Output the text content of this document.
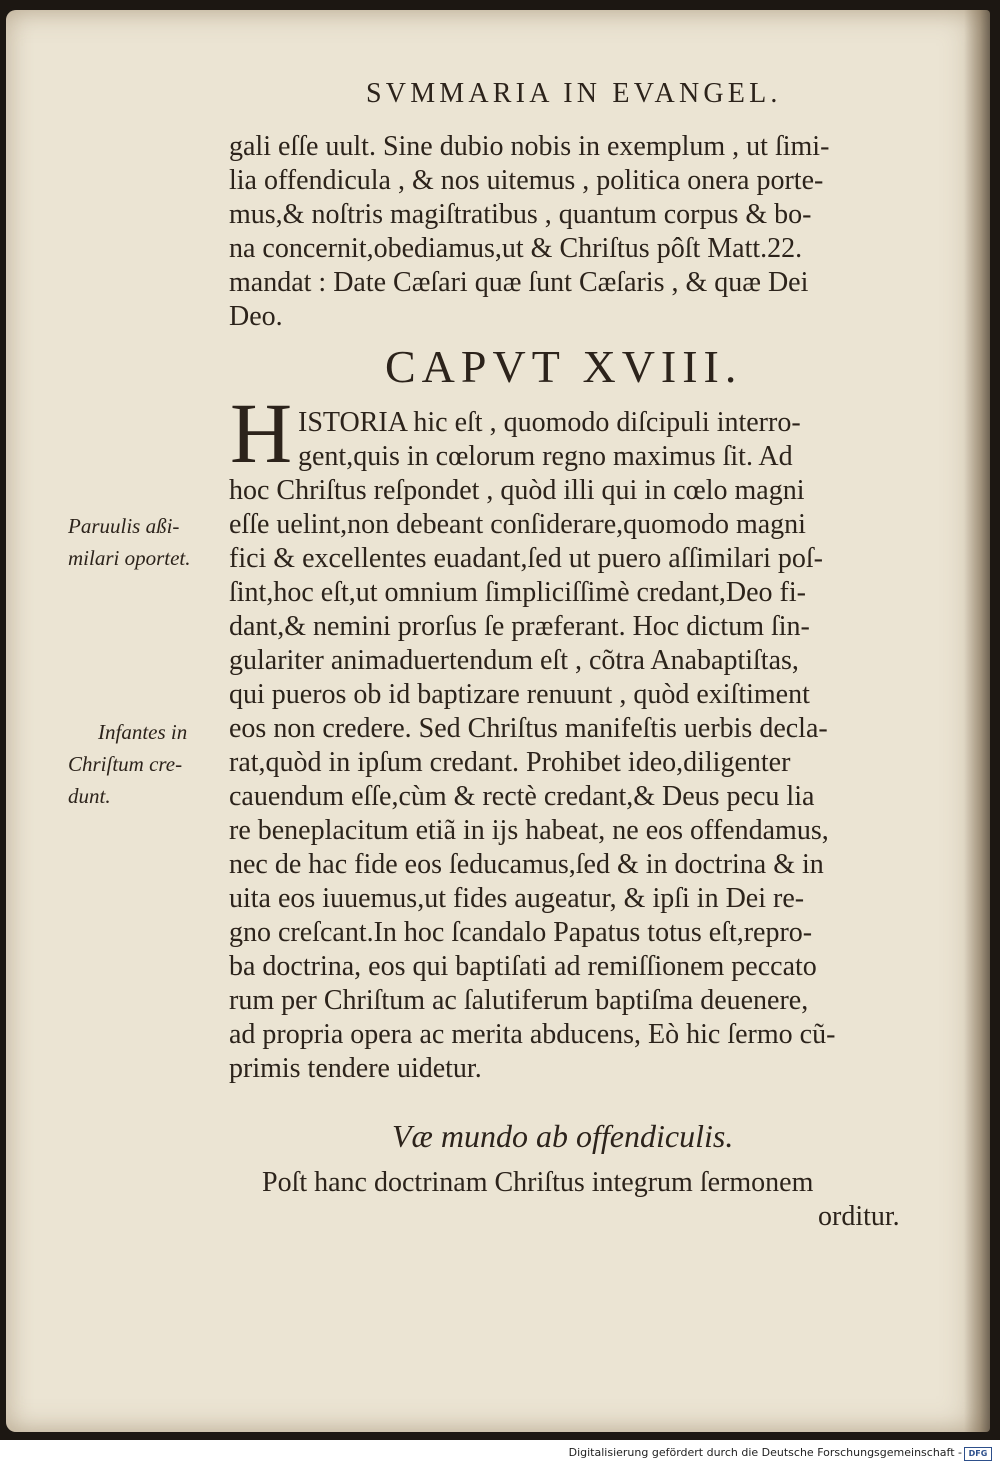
SVMMARIA IN EVANGEL.
gali eſſe uult. Sine dubio nobis in exemplum , ut ſimi-
lia offendicula , & nos uitemus , politica onera porte-
mus,& noſtris magiſtratibus , quantum corpus & bo-
na concernit,obediamus,ut & Chriſtus pôſt Matt.22.
mandat : Date Cæſari quæ ſunt Cæſaris , & quæ Dei
Deo.
CAPVT XVIII.
H ISTORIA hic eſt , quomodo diſcipuli interro-
gent,quis in cœlorum regno maximus ſit. Ad
hoc Chriſtus reſpondet , quòd illi qui in cœlo magni
eſſe uelint,non debeant conſiderare,quomodo magni
fici & excellentes euadant,ſed ut puero aſſimilari poſ-
ſint,hoc eſt,ut omnium ſimpliciſſimè credant,Deo fi-
dant,& nemini prorſus ſe præferant. Hoc dictum ſin-
gulariter animaduertendum eſt , cõtra Anabaptiſtas,
qui pueros ob id baptizare renuunt , quòd exiſtiment
eos non credere. Sed Chriſtus manifeſtis uerbis decla-
rat,quòd in ipſum credant. Prohibet ideo,diligenter
cauendum eſſe,cùm & rectè credant,& Deus pecu lia
re beneplacitum etiã in ijs habeat, ne eos offendamus,
nec de hac fide eos ſeducamus,ſed & in doctrina & in
uita eos iuuemus,ut fides augeatur, & ipſi in Dei re-
gno creſcant.In hoc ſcandalo Papatus totus eſt,repro-
ba doctrina, eos qui baptiſati ad remiſſionem peccato
rum per Chriſtum ac ſalutiferum baptiſma deuenere,
ad propria opera ac merita abducens, Eò hic ſermo cũ-
primis tendere uidetur.
Paruulis aßi-
milari oportet.
Infantes in
Chriſtum cre-
dunt.
Væ mundo ab offendiculis.
Poſt hanc doctrinam Chriſtus integrum ſermonem
orditur.
Digitalisierung gefördert durch die Deutsche Forschungsgemeinschaft - DFG
